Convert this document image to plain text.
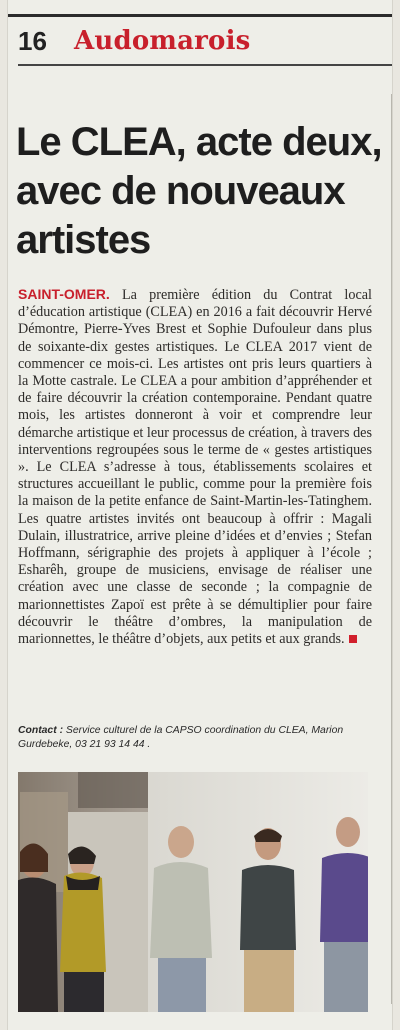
16	Audomarois
Le CLEA, acte deux, avec de nouveaux artistes
SAINT-OMER. La première édition du Contrat local d’éducation artistique (CLEA) en 2016 a fait découvrir Hervé Démontre, Pierre-Yves Brest et Sophie Dufouleur dans plus de soixante-dix gestes artistiques. Le CLEA 2017 vient de commencer ce mois-ci. Les artistes ont pris leurs quartiers à la Motte castrale. Le CLEA a pour ambition d’appréhender et de faire découvrir la création contemporaine. Pendant quatre mois, les artistes donneront à voir et comprendre leur démarche artistique et leur processus de création, à travers des interventions regroupées sous le terme de « gestes artistiques ». Le CLEA s’adresse à tous, établissements scolaires et structures accueillant le public, comme pour la première fois la maison de la petite enfance de Saint-Martin-les-Tatinghem. Les quatre artistes invités ont beaucoup à offrir : Magali Dulain, illustratrice, arrive pleine d’idées et d’envies ; Stefan Hoffmann, sérigraphie des projets à appliquer à l’école ; Esharêh, groupe de musiciens, envisage de réaliser une création avec une classe de seconde ; la compagnie de marionnettistes Zapoï est prête à se démultiplier pour faire découvrir le théâtre d’ombres, la manipulation de marionnettes, le théâtre d’objets, aux petits et aux grands.
Contact : Service culturel de la CAPSO coordination du CLEA, Marion Gurdebeke, 03 21 93 14 44 .
